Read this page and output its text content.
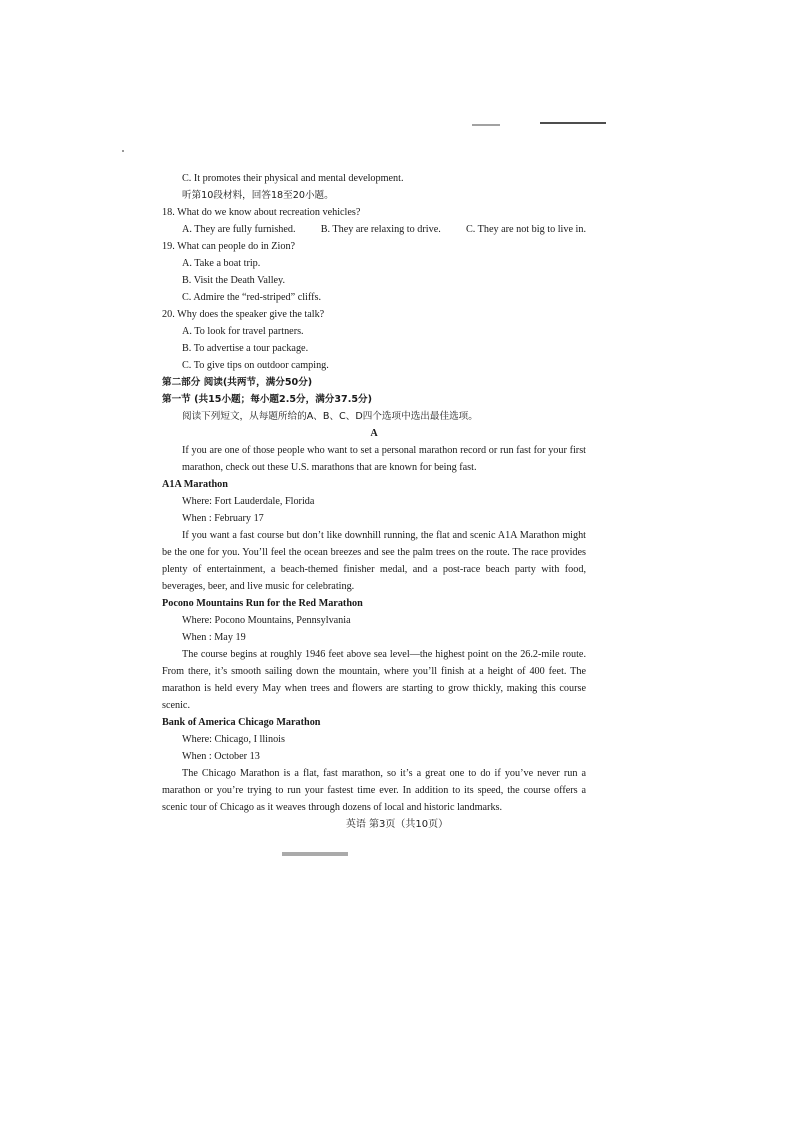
C. It promotes their physical and mental development.
听第10段材料，回答18至20小题。
18. What do we know about recreation vehicles?
A. They are fully furnished. B. They are relaxing to drive. C. They are not big to live in.
19. What can people do in Zion?
A. Take a boat trip.
B. Visit the Death Valley.
C. Admire the “red-striped” cliffs.
20. Why does the speaker give the talk?
A. To look for travel partners.
B. To advertise a tour package.
C. To give tips on outdoor camping.
第二部分 阅读(共两节，满分50分)
第一节 (共15小题；每小题2.5分，满分37.5分)
阅读下列短文，从每题所给的A、B、C、D四个选项中选出最佳选项。
A
If you are one of those people who want to set a personal marathon record or run fast for your first marathon, check out these U.S. marathons that are known for being fast.
A1A Marathon
Where: Fort Lauderdale, Florida
When : February 17
If you want a fast course but don’t like downhill running, the flat and scenic A1A Marathon might be the one for you. You’ll feel the ocean breezes and see the palm trees on the route. The race provides plenty of entertainment, a beach-themed finisher medal, and a post-race beach party with food, beverages, beer, and live music for celebrating.
Pocono Mountains Run for the Red Marathon
Where: Pocono Mountains, Pennsylvania
When : May 19
The course begins at roughly 1946 feet above sea level—the highest point on the 26.2-mile route. From there, it’s smooth sailing down the mountain, where you’ll finish at a height of 400 feet. The marathon is held every May when trees and flowers are starting to grow thickly, making this course scenic.
Bank of America Chicago Marathon
Where: Chicago, I llinois
When : October 13
The Chicago Marathon is a flat, fast marathon, so it’s a great one to do if you’ve never run a marathon or you’re trying to run your fastest time ever. In addition to its speed, the course offers a scenic tour of Chicago as it weaves through dozens of local and historic landmarks.
英语 第3页（共10页）
